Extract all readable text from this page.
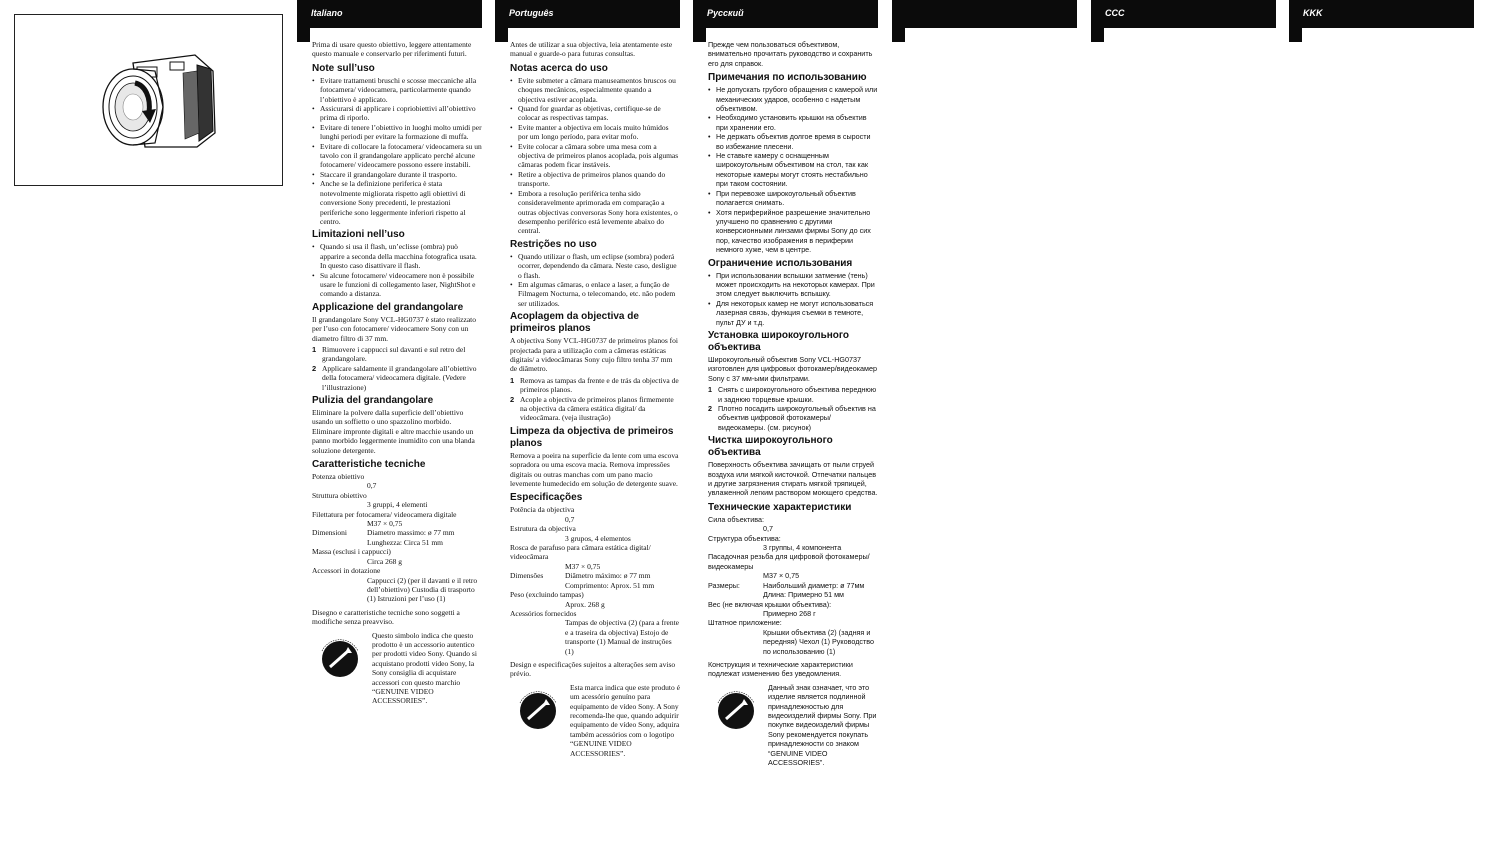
Italiano

Prima di usare questo obiettivo, leggere attentamente questo manuale e conservarlo per riferimenti futuri.

Note sull’uso
• Evitare trattamenti bruschi e scosse meccaniche alla fotocamera/ videocamera, particolarmente quando l’obiettivo è applicato.
• Assicurarsi di applicare i copriobiettivi all’obiettivo prima di riporlo.
• Evitare di tenere l’obiettivo in luoghi molto umidi per lunghi periodi per evitare la formazione di muffa.
• Evitare di collocare la fotocamera/ videocamera su un tavolo con il grandangolare applicato perché alcune fotocamere/ videocamere possono essere instabili.
• Staccare il grandangolare durante il trasporto.
• Anche se la definizione periferica è stata notevolmente migliorata rispetto agli obiettivi di conversione Sony precedenti, le prestazioni periferiche sono leggermente inferiori rispetto al centro.
Limitazioni nell’uso
• Quando si usa il flash, un’eclisse (ombra) può apparire a seconda della macchina fotografica usata. In questo caso disattivare il flash.
• Su alcune fotocamere/ videocamere non è possibile usare le funzioni di collegamento laser, NightShot e comando a distanza.
Applicazione del grandangolare

Il grandangolare Sony VCL-HG0737 è stato realizzato per l’uso con fotocamere/ videocamere Sony con un diametro filtro di 37 mm.

1 Rimuovere i cappucci sul davanti e sul retro del grandangolare.
2 Applicare saldamente il grandangolare all’obiettivo della fotocamera/ videocamera digitale. (Vedere l’illustrazione)
Pulizia del grandangolare

Eliminare la polvere dalla superficie dell’obiettivo usando un soffietto o uno spazzolino morbido. Eliminare impronte digitali e altre macchie usando un panno morbido leggermente inumidito con una blanda soluzione detergente.

Caratteristiche tecniche
Potenza obiettivo
0,7
Struttura obiettivo
3 gruppi, 4 elementi
Filettatura per fotocamera/ videocamera digitale
M37 × 0,75
Dimensioni	Diametro massimo: ø 77 mm Lunghezza: Circa 51 mm
Massa (esclusi i cappucci)
Circa 268 g
Accessori in dotazione
Cappucci (2) (per il davanti e il retro dell’obiettivo) Custodia di trasporto (1) Istruzioni per l’uso (1)

Disegno e caratteristiche tecniche sono soggetti a modifiche senza preavviso.

Questo simbolo indica che questo prodotto è un accessorio autentico per prodotti video Sony. Quando si acquistano prodotti video Sony, la Sony consiglia di acquistare accessori con questo marchio “GENUINE VIDEO ACCESSORIES”.
Português

Antes de utilizar a sua objectiva, leia atentamente este manual e guarde-o para futuras consultas.

Notas acerca do uso
• Evite submeter a câmara manuseamentos bruscos ou choques mecânicos, especialmente quando a objectiva estiver acoplada.
• Quand for guardar as objetivas, certifique-se de colocar as respectivas tampas.
• Evite manter a objectiva em locais muito húmidos por um longo período, para evitar mofo.
• Evite colocar a câmara sobre uma mesa com a objectiva de primeiros planos acoplada, pois algumas câmaras podem ficar instáveis.
• Retire a objectiva de primeiros planos quando do transporte.
• Embora a resolução periférica tenha sido consideravelmente aprimorada em comparação a outras objectivas conversoras Sony hora existentes, o desempenho periférico está levemente abaixo do central.
Restrições no uso
• Quando utilizar o flash, um eclipse (sombra) poderá ocorrer, dependendo da câmara. Neste caso, desligue o flash.
• Em algumas câmaras, o enlace a laser, a função de Filmagem Nocturna, o telecomando, etc. não podem ser utilizados.
Acoplagem da objectiva de primeiros planos

A objectiva Sony VCL-HG0737 de primeiros planos foi projectada para a utilização com a câmeras estáticas digitais/ a videocâmaras Sony cujo filtro tenha 37 mm de diâmetro.

1 Remova as tampas da frente e de trás da objectiva de primeiros planos.
2 Acople a objectiva de primeiros planos firmemente na objectiva da câmera estática digital/ da videocâmara. (veja ilustração)
Limpeza da objectiva de primeiros planos

Remova a poeira na superfície da lente com uma escova sopradora ou uma escova macia. Remova impressões digitais ou outras manchas com um pano macio levemente humedecido em solução de detergente suave.

Especificações
Potência da objectiva
0,7
Estrutura da objectiva
3 grupos, 4 elementos
Rosca de parafuso para câmara estática digital/ videocâmara
M37 × 0,75
Dimensões	Diâmetro máximo: ø 77 mm Comprimento: Aprox. 51 mm
Peso (excluindo tampas)
Aprox. 268 g
Acessórios fornecidos
Tampas de objectiva (2) (para a frente e a traseira da objectiva) Estojo de transporte (1) Manual de instruções (1)

Design e especificações sujeitos a alterações sem aviso prévio.

Esta marca indica que este produto é um acessório genuíno para equipamento de vídeo Sony. A Sony recomenda-lhe que, quando adquirir equipamento de vídeo Sony, adquira também acessórios com o logotipo “GENUINE VIDEO ACCESSORIES”.
Русский

Прежде чем пользоваться объективом, внимательно прочитать руководство и сохранить его для справок.

Примечания по использованию
• Не допускать грубого обращения с камерой или механических ударов, особенно с надетым объективом.
• Необходимо установить крышки на объектив при хранении его.
• Не держать объектив долгое время в сырости во избежание плесени.
• Не ставьте камеру с оснащенным широкоугольным объективом на стол, так как некоторые камеры могут стоять нестабильно при таком состоянии.
• При перевозке широкоугольный объектив полагается снимать.
• Хотя периферийное разрешение значительно улучшено по сравнению с другими конверсионными линзами фирмы Sony до сих пор, качество изображения в периферии немного хуже, чем в центре.
Ограничение использования
• При использовании вспышки затмение (тень) может происходить на некоторых камерах. При этом следует выключить вспышку.
• Для некоторых камер не могут использоваться лазерная связь, функция съемки в темноте, пульт ДУ и т.д.
Установка широкоугольного объектива

Широкоугольный объектив Sony VCL-HG0737 изготовлен для цифровых фотокамер/видеокамер Sony с 37 мм-ыми фильтрами.

1 Снять с широкоугольного объектива переднюю и заднюю торцевые крышки.
2 Плотно посадить широкоугольный объектив на объектив цифровой фотокамеры/видеокамеры. (см. рисунок)
Чистка широкоугольного объектива

Поверхность объектива зачищать от пыли струей воздуха или мягкой кисточкой. Отпечатки пальцев и другие загрязнения стирать мягкой тряпицей, увлаженной легким раствором моющего средства.

Технические характеристики
Сила объектива:
0,7
Структура объектива:
3 группы, 4 компонента
Пасадочная резьба для цифровой фотокамеры/видеокамеры
M37 × 0,75
Размеры:	Наибольший диаметр: ø 77мм Длина: Примерно 51 мм
Вес (не включая крышки объектива):
Примерно 268 г
Штатное приложение:
Крышки объектива (2) (задняя и передняя) Чехол (1) Руководство по использованию (1)

Конструкция и технические характеристики подлежат изменению без уведомления.

Данный знак означает, что это изделие является подлинной принадлежностью для видеоизделий фирмы Sony. При покупке видеоизделий фирмы Sony рекомендуется покупать принадлежности со знаком “GENUINE VIDEO ACCESSORIES”.
CCC	KKK
